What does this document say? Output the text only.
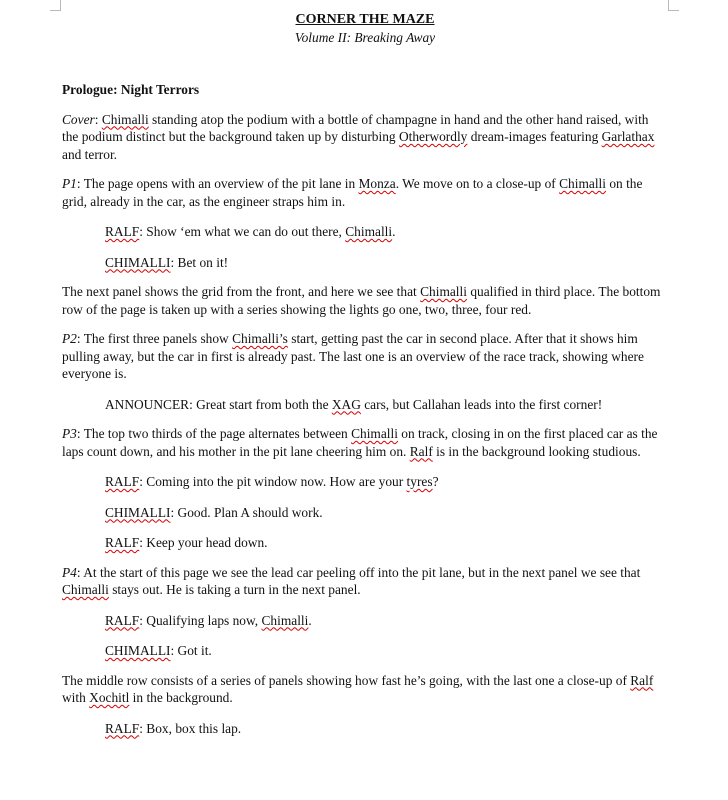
CORNER THE MAZE
Volume II: Breaking Away
Prologue: Night Terrors

Cover: Chimalli standing atop the podium with a bottle of champagne in hand and the other hand raised, with the podium distinct but the background taken up by disturbing Otherwordly dream-images featuring Garlathax and terror.

P1: The page opens with an overview of the pit lane in Monza. We move on to a close-up of Chimalli on the grid, already in the car, as the engineer straps him in.

RALF: Show ‘em what we can do out there, Chimalli.

CHIMALLI: Bet on it!

The next panel shows the grid from the front, and here we see that Chimalli qualified in third place. The bottom row of the page is taken up with a series showing the lights go one, two, three, four red.

P2: The first three panels show Chimalli’s start, getting past the car in second place. After that it shows him pulling away, but the car in first is already past. The last one is an overview of the race track, showing where everyone is.

ANNOUNCER: Great start from both the XAG cars, but Callahan leads into the first corner!

P3: The top two thirds of the page alternates between Chimalli on track, closing in on the first placed car as the laps count down, and his mother in the pit lane cheering him on. Ralf is in the background looking studious.

RALF: Coming into the pit window now. How are your tyres?

CHIMALLI: Good. Plan A should work.

RALF: Keep your head down.

P4: At the start of this page we see the lead car peeling off into the pit lane, but in the next panel we see that Chimalli stays out. He is taking a turn in the next panel.

RALF: Qualifying laps now, Chimalli.

CHIMALLI: Got it.

The middle row consists of a series of panels showing how fast he’s going, with the last one a close-up of Ralf with Xochitl in the background.

RALF: Box, box this lap.
